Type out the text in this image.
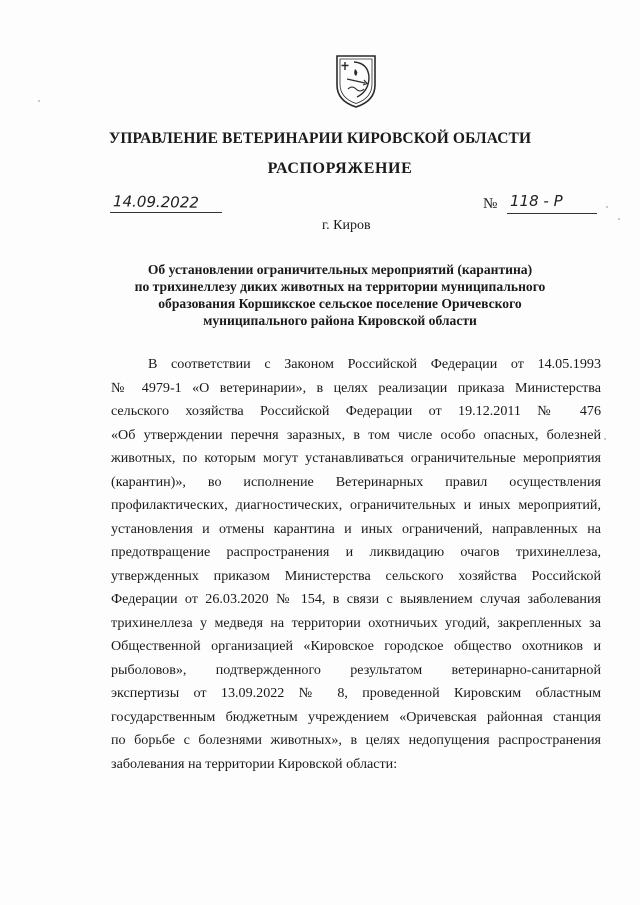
УПРАВЛЕНИЕ ВЕТЕРИНАРИИ КИРОВСКОЙ ОБЛАСТИ
РАСПОРЯЖЕНИЕ
14.09.2022	№ 118 - Р
г. Киров
Об установлении ограничительных мероприятий (карантина)
по трихинеллезу диких животных на территории муниципального
образования Коршикское сельское поселение Оричевского
муниципального района Кировской области
В соответствии с Законом Российской Федерации от 14.05.1993
№ 4979-1 «О ветеринарии», в целях реализации приказа Министерства
сельского хозяйства Российской Федерации от 19.12.2011 № 476
«Об утверждении перечня заразных, в том числе особо опасных, болезней
животных, по которым могут устанавливаться ограничительные мероприятия
(карантин)», во исполнение Ветеринарных правил осуществления
профилактических, диагностических, ограничительных и иных мероприятий,
установления и отмены карантина и иных ограничений, направленных на
предотвращение распространения и ликвидацию очагов трихинеллеза,
утвержденных приказом Министерства сельского хозяйства Российской
Федерации от 26.03.2020 № 154, в связи с выявлением случая заболевания
трихинеллеза у медведя на территории охотничьих угодий, закрепленных за
Общественной организацией «Кировское городское общество охотников и
рыболовов», подтвержденного результатом ветеринарно-санитарной
экспертизы от 13.09.2022 № 8, проведенной Кировским областным
государственным бюджетным учреждением «Оричевская районная станция
по борьбе с болезнями животных», в целях недопущения распространения
заболевания на территории Кировской области:
